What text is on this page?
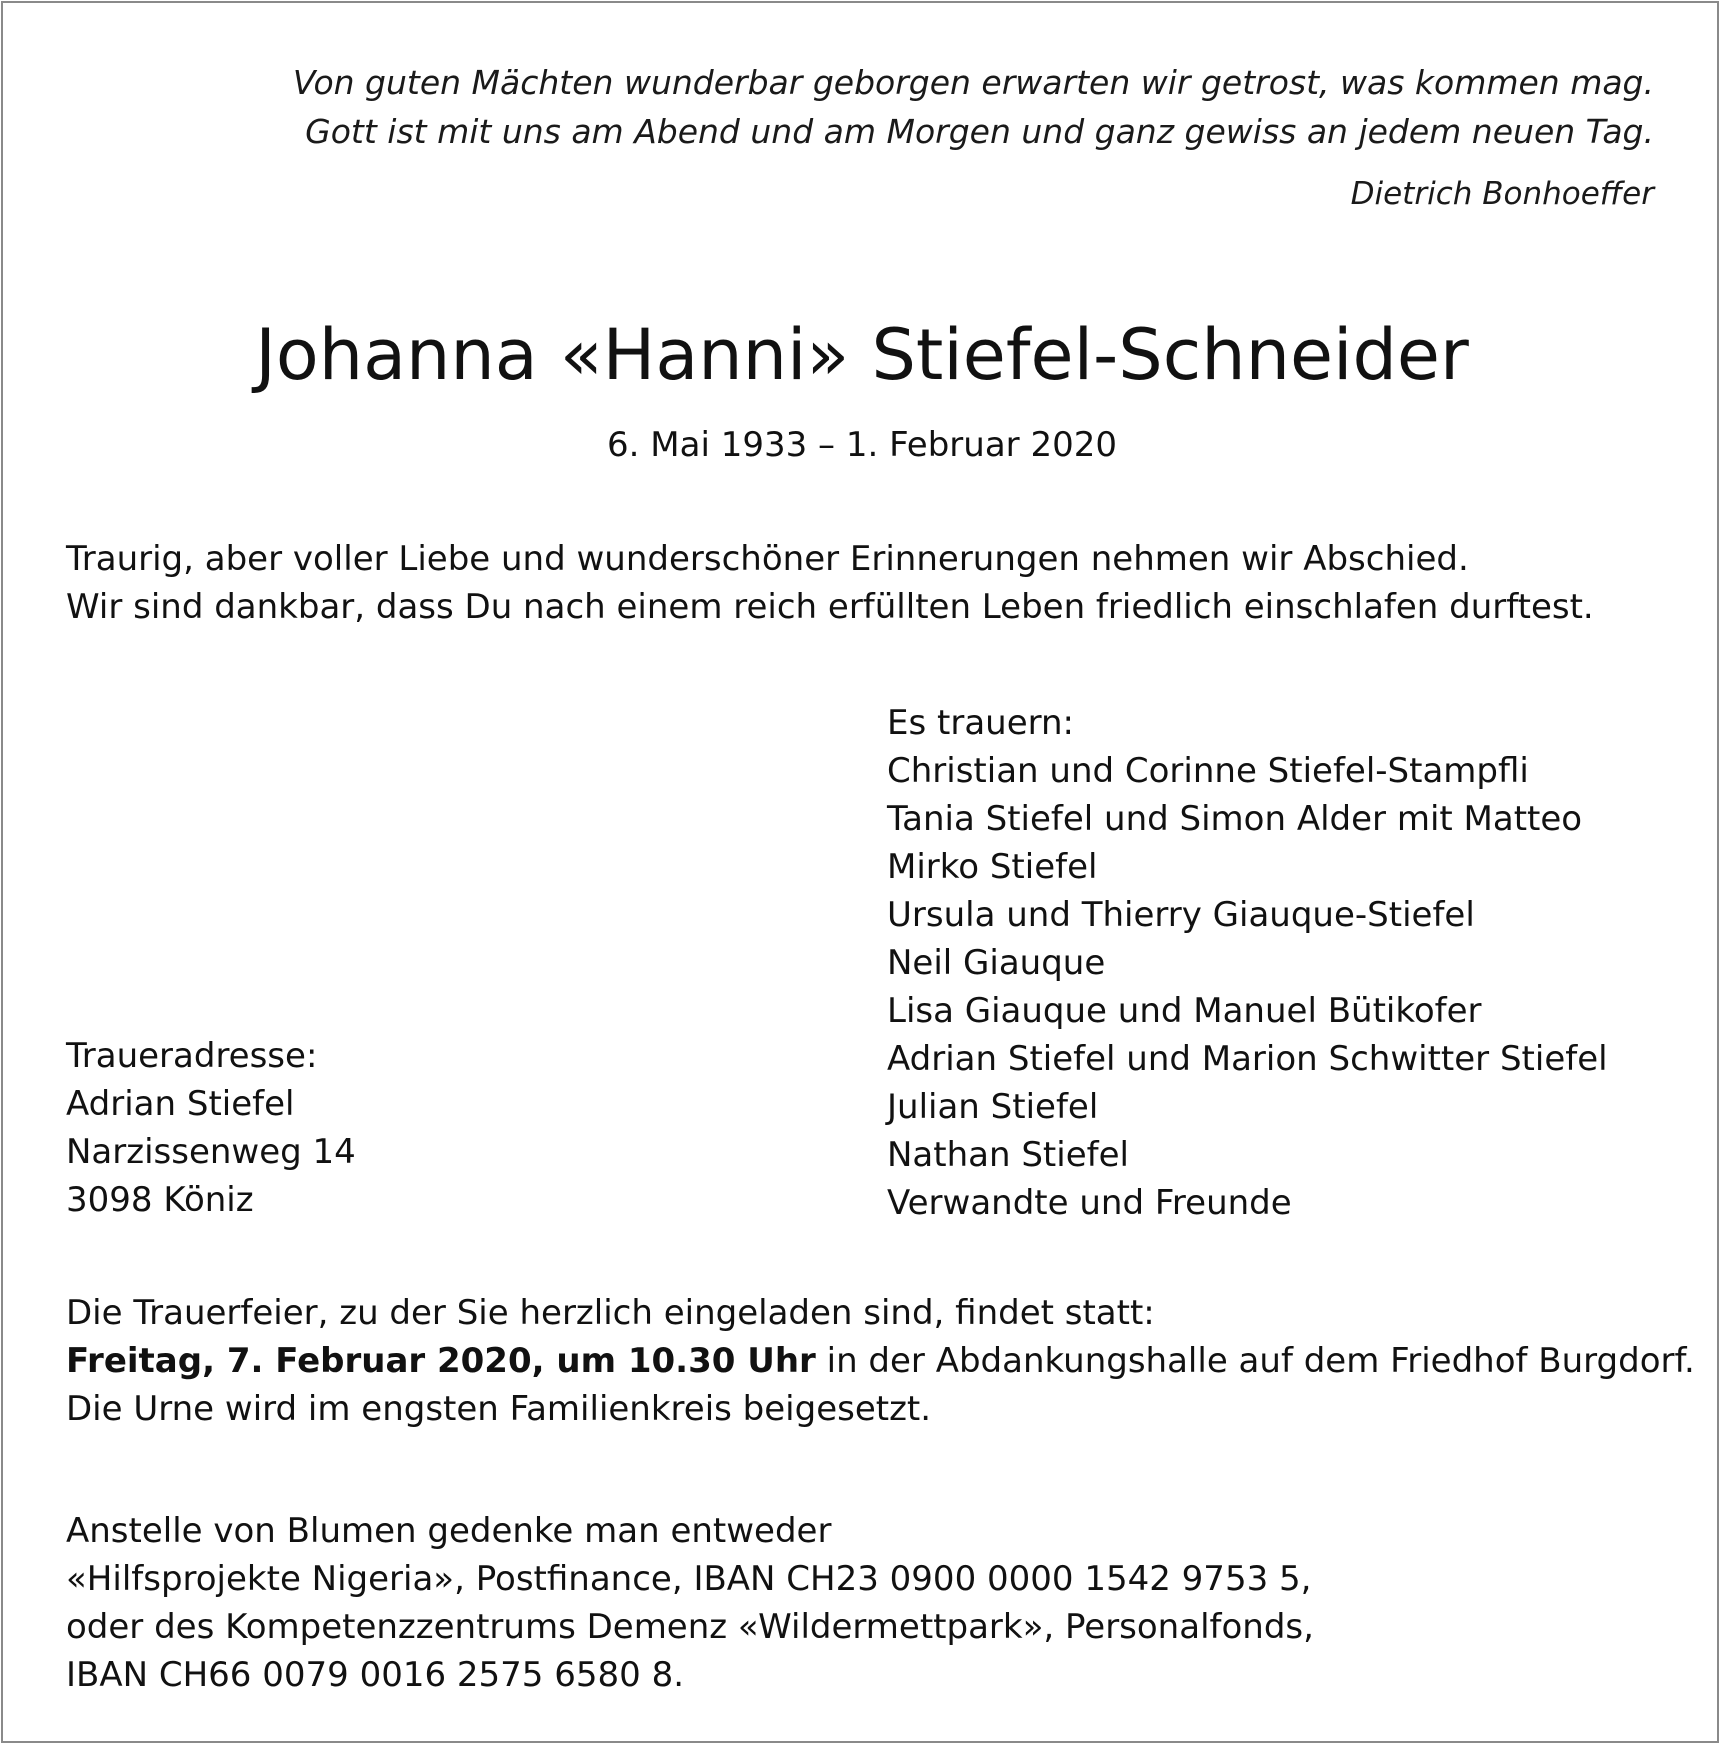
Von guten Mächten wunderbar geborgen erwarten wir getrost, was kommen mag.
Gott ist mit uns am Abend und am Morgen und ganz gewiss an jedem neuen Tag.
Dietrich Bonhoeffer
Johanna «Hanni» Stiefel-Schneider
6. Mai 1933 – 1. Februar 2020
Traurig, aber voller Liebe und wunderschöner Erinnerungen nehmen wir Abschied.
Wir sind dankbar, dass Du nach einem reich erfüllten Leben friedlich einschlafen durftest.
Es trauern:
Christian und Corinne Stiefel-Stampfli
Tania Stiefel und Simon Alder mit Matteo
Mirko Stiefel
Ursula und Thierry Giauque-Stiefel
Neil Giauque
Lisa Giauque und Manuel Bütikofer
Adrian Stiefel und Marion Schwitter Stiefel
Julian Stiefel
Nathan Stiefel
Verwandte und Freunde
Traueradresse:
Adrian Stiefel
Narzissenweg 14
3098 Köniz
Die Trauerfeier, zu der Sie herzlich eingeladen sind, findet statt:
Freitag, 7. Februar 2020, um 10.30 Uhr in der Abdankungshalle auf dem Friedhof Burgdorf.
Die Urne wird im engsten Familienkreis beigesetzt.
Anstelle von Blumen gedenke man entweder
«Hilfsprojekte Nigeria», Postfinance, IBAN CH23 0900 0000 1542 9753 5,
oder des Kompetenzzentrums Demenz «Wildermettpark», Personalfonds,
IBAN CH66 0079 0016 2575 6580 8.
